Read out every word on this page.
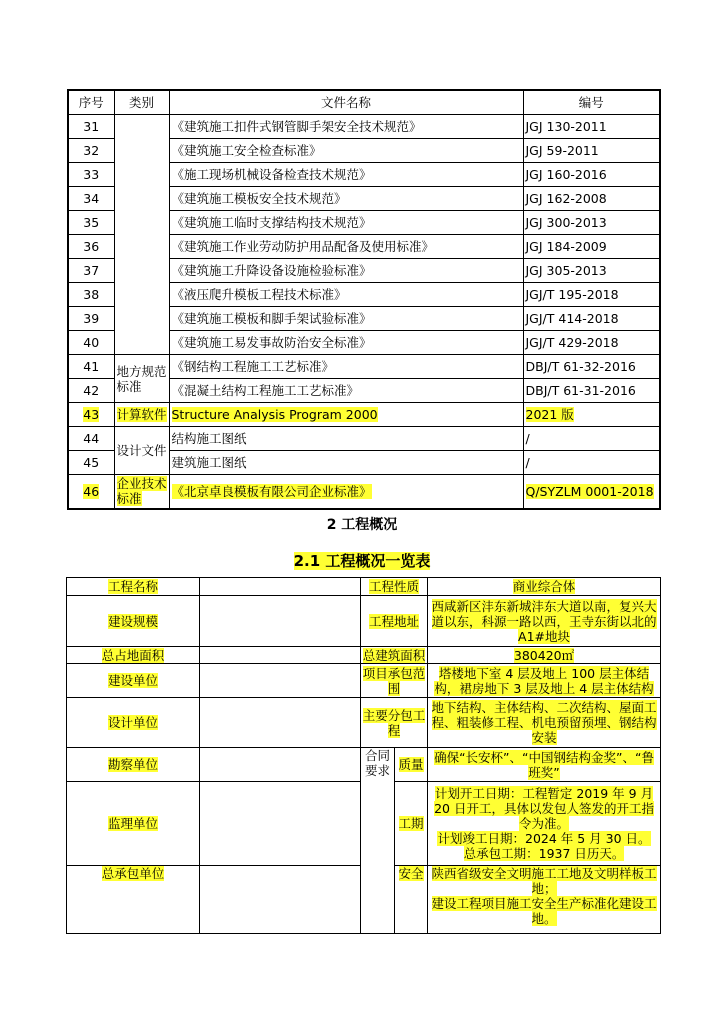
序号	类别	文件名称	编号
31		《建筑施工扣件式钢管脚手架安全技术规范》	JGJ 130-2011
32		《建筑施工安全检查标准》	JGJ 59-2011
33		《施工现场机械设备检查技术规范》	JGJ 160-2016
34		《建筑施工模板安全技术规范》	JGJ 162-2008
35		《建筑施工临时支撑结构技术规范》	JGJ 300-2013
36		《建筑施工作业劳动防护用品配备及使用标准》	JGJ 184-2009
37		《建筑施工升降设备设施检验标准》	JGJ 305-2013
38		《液压爬升模板工程技术标准》	JGJ/T 195-2018
39		《建筑施工模板和脚手架试验标准》	JGJ/T 414-2018
40		《建筑施工易发事故防治安全标准》	JGJ/T 429-2018
41	地方规范标准	《钢结构工程施工工艺标准》	DBJ/T 61-32-2016
42		《混凝土结构工程施工工艺标准》	DBJ/T 61-31-2016
43	计算软件	Structure Analysis Program 2000	2021 版
44	设计文件	结构施工图纸	/
45		建筑施工图纸	/
46	企业技术标准	《北京卓良模板有限公司企业标准》	Q/SYZLM 0001-2018
2 工程概况
2.1 工程概况一览表
工程名称		工程性质		商业综合体
建设规模		工程地址		西咸新区沣东新城沣东大道以南，复兴大道以东，科源一路以西，王寺东街以北的A1#地块
总占地面积		总建筑面积		380420㎡
建设单位		项目承包范围		塔楼地下室 4 层及地上 100 层主体结构，裙房地下 3 层及地上 4 层主体结构
设计单位		主要分包工程		地下结构、主体结构、二次结构、屋面工程、粗装修工程、机电预留预埋、钢结构安装
勘察单位		合同要求	质量	确保“长安杯”、“中国钢结构金奖”、“鲁班奖”
监理单位			工期	计划开工日期：工程暂定 2019 年 9 月 20 日开工，具体以发包人签发的开工指令为准。
计划竣工日期：2024 年 5 月 30 日。
总承包工期：1937 日历天。
总承包单位			安全	陕西省级安全文明施工工地及文明样板工地；
建设工程项目施工安全生产标准化建设工地。
